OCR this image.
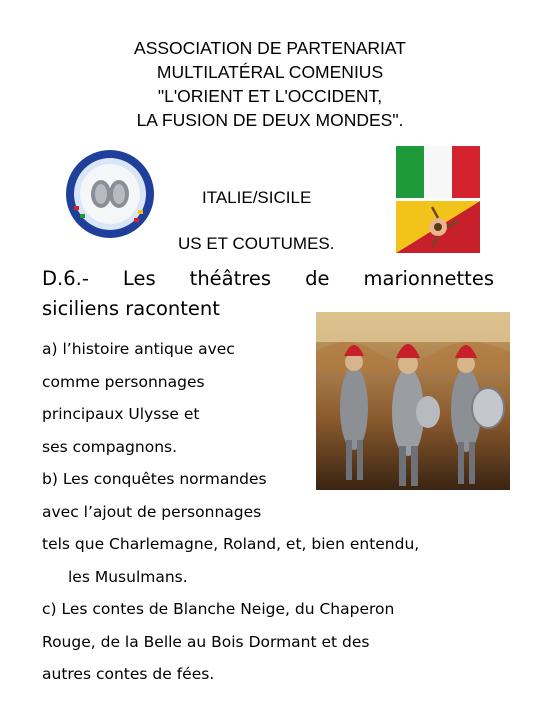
ASSOCIATION DE PARTENARIAT
MULTILATÉRAL COMENIUS
"L'ORIENT ET L'OCCIDENT,
LA FUSION DE DEUX MONDES".
ITALIE/SICILE
US ET COUTUMES.
D.6.- Les théâtres de marionnettes
siciliens racontent
a) l’histoire antique avec
comme personnages
principaux Ulysse et
ses compagnons.
b) Les conquêtes normandes
avec l’ajout de personnages
tels que Charlemagne, Roland, et, bien entendu,
les Musulmans.
c) Les contes de Blanche Neige, du Chaperon
Rouge, de la Belle au Bois Dormant et des
autres contes de fées.
